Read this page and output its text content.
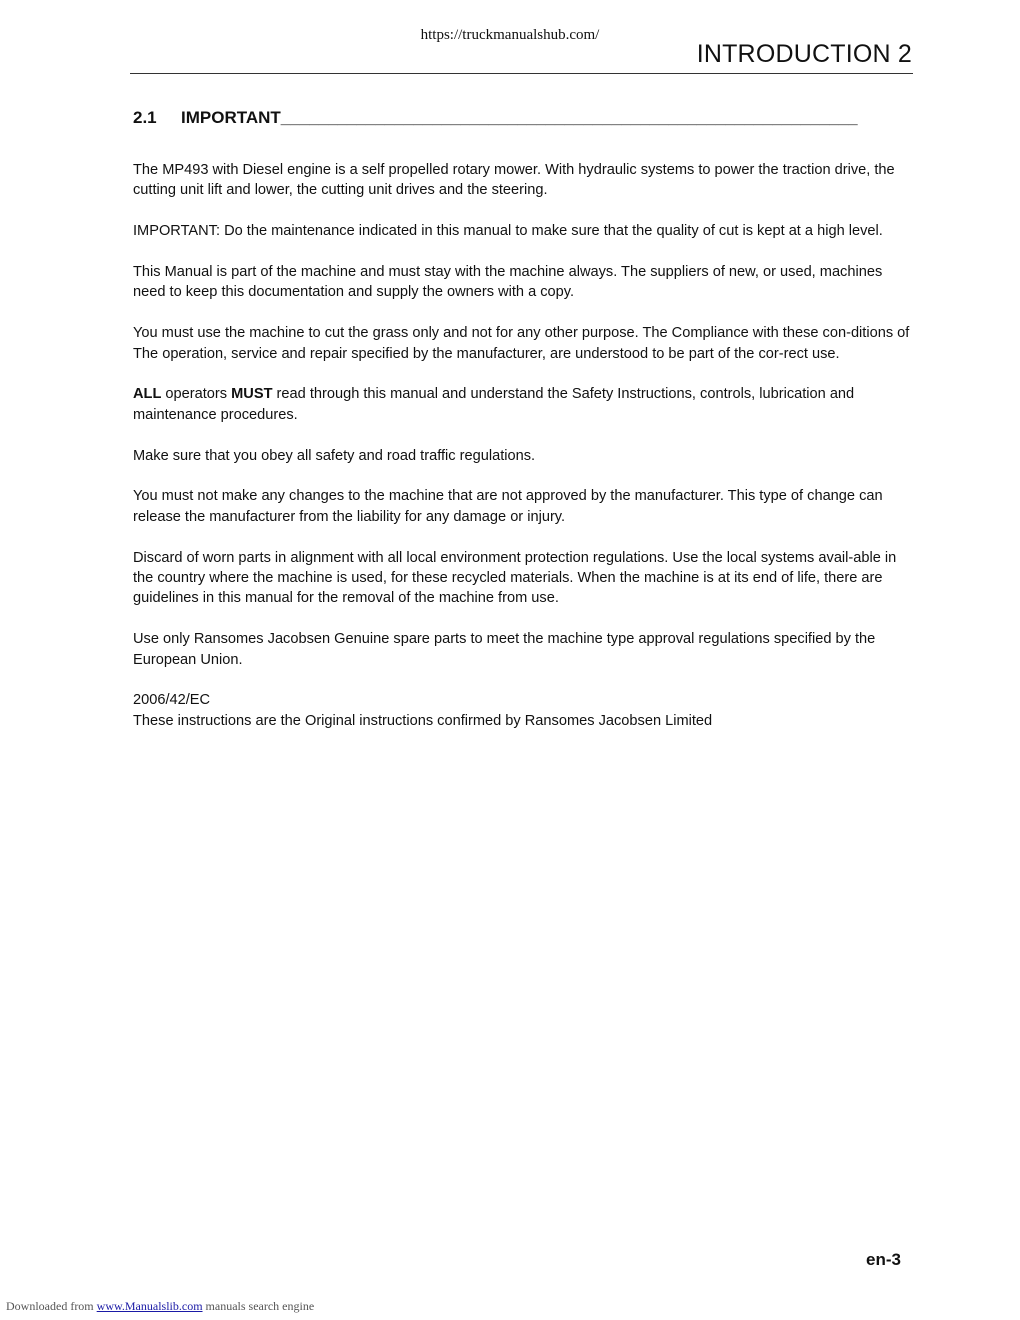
https://truckmanualshub.com/
INTRODUCTION 2
2.1 IMPORTANT_____________________________________________________________

The MP493 with Diesel engine is a self propelled rotary mower. With hydraulic systems to power the traction drive, the cutting unit lift and lower, the cutting unit drives and the steering.

IMPORTANT: Do the maintenance indicated in this manual to make sure that the quality of cut is kept at a high level.

This Manual is part of the machine and must stay with the machine always. The suppliers of new, or used, machines need to keep this documentation and supply the owners with a copy.

You must use the machine to cut the grass only and not for any other purpose. The Compliance with these con-ditions of The operation, service and repair specified by the manufacturer, are understood to be part of the cor-rect use.

ALL operators MUST read through this manual and understand the Safety Instructions, controls, lubrication and maintenance procedures.

Make sure that you obey all safety and road traffic regulations.

You must not make any changes to the machine that are not approved by the manufacturer. This type of change can release the manufacturer from the liability for any damage or injury.

Discard of worn parts in alignment with all local environment protection regulations. Use the local systems avail-able in the country where the machine is used, for these recycled materials. When the machine is at its end of life, there are guidelines in this manual for the removal of the machine from use.

Use only Ransomes Jacobsen Genuine spare parts to meet the machine type approval regulations specified by the European Union.

2006/42/EC
These instructions are the Original instructions confirmed by Ransomes Jacobsen Limited

en-3
Downloaded from www.Manualslib.com manuals search engine
